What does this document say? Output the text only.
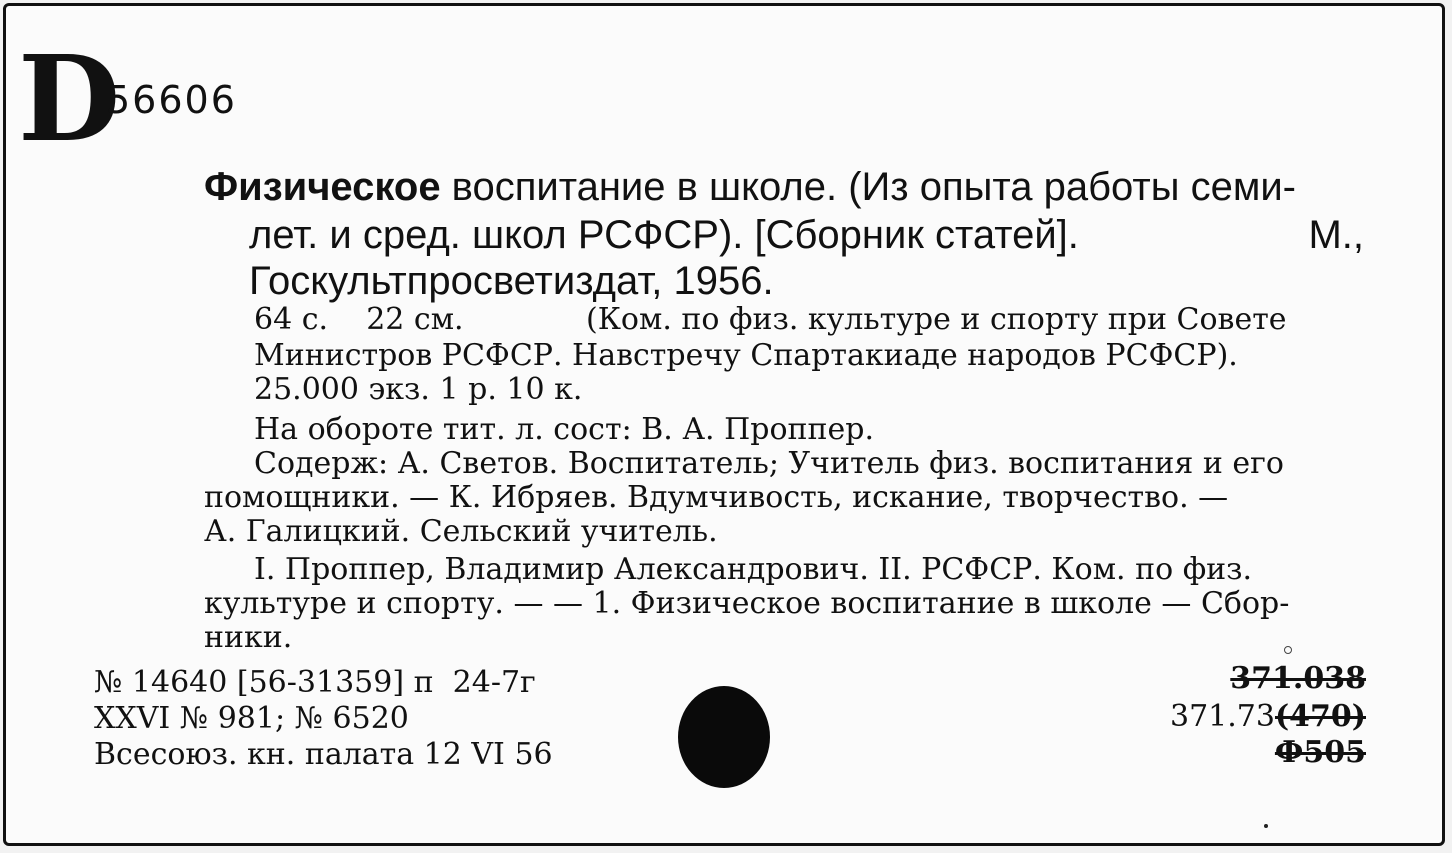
D
56606
Физическое воспитание в школе. (Из опыта работы семи-
лет. и сред. школ РСФСР). [Сборник статей].	М.,
Госкультпросветиздат, 1956.
64 с.    22 см.	(Ком. по физ. культуре и спорту при Совете
Министров РСФСР. Навстречу Спартакиаде народов РСФСР).
25.000 экз. 1 р. 10 к.
На обороте тит. л. сост: В. А. Проппер.
Содерж: А. Светов. Воспитатель; Учитель физ. воспитания и его
помощники. — К. Ибряев. Вдумчивость, искание, творчество. —
А. Галицкий. Сельский учитель.
I. Проппер, Владимир Александрович. II. РСФСР. Ком. по физ.
культуре и спорту. — — 1. Физическое воспитание в школе — Сбор-
ники.
№ 14640 [56-31359] п  24-7г
XXVI № 981; № 6520
Всесоюз. кн. палата 12 VI 56
371.038
371.73(470)
Ф505
